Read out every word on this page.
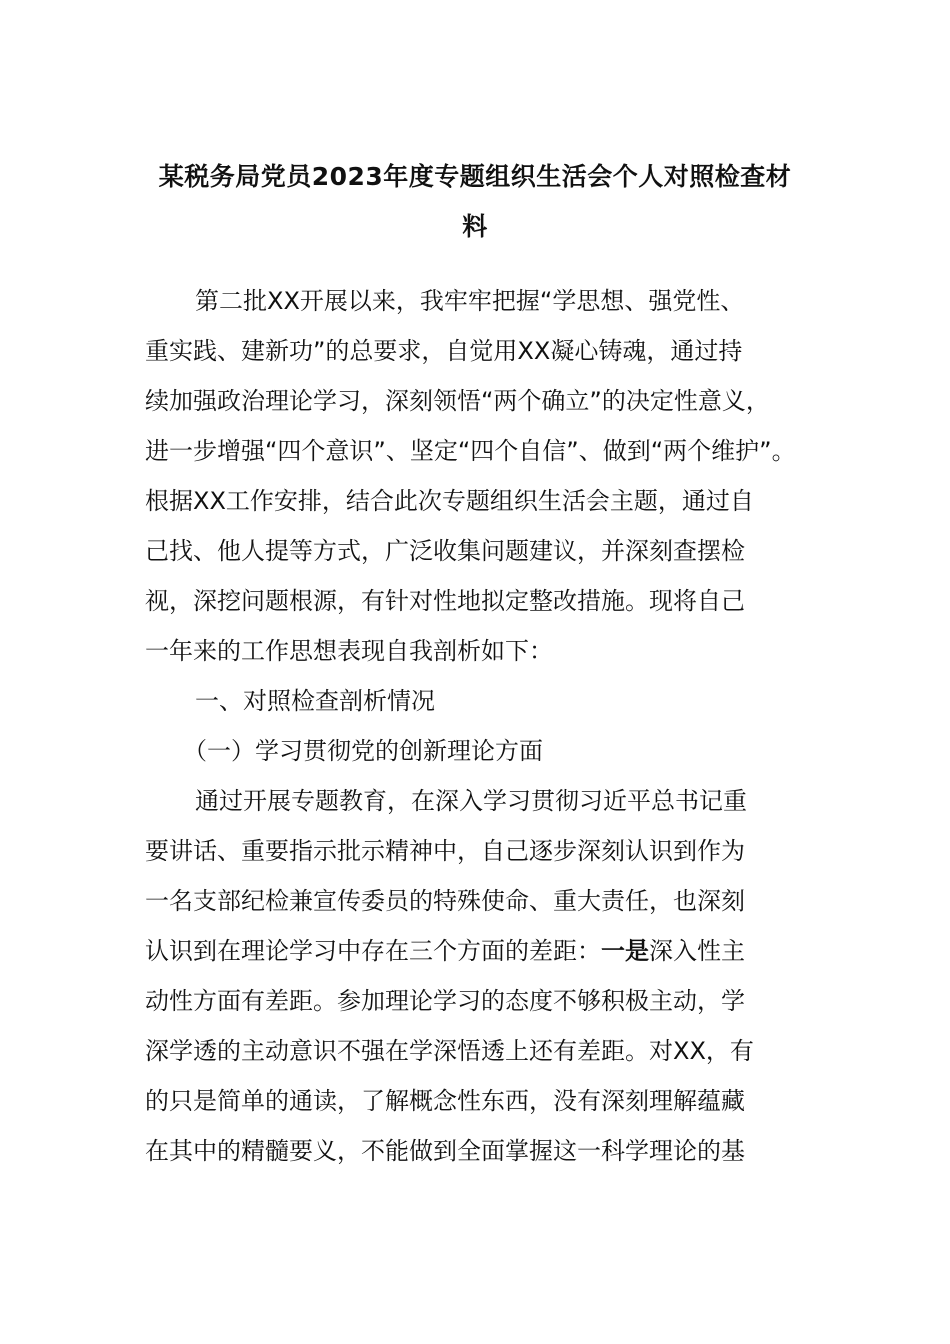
某税务局党员2023年度专题组织生活会个人对照检查材
料
第二批XX开展以来，我牢牢把握“学思想、强党性、
重实践、建新功”的总要求，自觉用XX凝心铸魂，通过持
续加强政治理论学习，深刻领悟“两个确立”的决定性意义，
进一步增强“四个意识”、坚定“四个自信”、做到“两个维护”。
根据XX工作安排，结合此次专题组织生活会主题，通过自
己找、他人提等方式，广泛收集问题建议，并深刻查摆检
视，深挖问题根源，有针对性地拟定整改措施。现将自己
一年来的工作思想表现自我剖析如下：
一、对照检查剖析情况
（一）学习贯彻党的创新理论方面
通过开展专题教育，在深入学习贯彻习近平总书记重
要讲话、重要指示批示精神中，自己逐步深刻认识到作为
一名支部纪检兼宣传委员的特殊使命、重大责任，也深刻
认识到在理论学习中存在三个方面的差距：一是深入性主
动性方面有差距。参加理论学习的态度不够积极主动，学
深学透的主动意识不强在学深悟透上还有差距。对XX，有
的只是简单的通读，了解概念性东西，没有深刻理解蕴藏
在其中的精髓要义，不能做到全面掌握这一科学理论的基
